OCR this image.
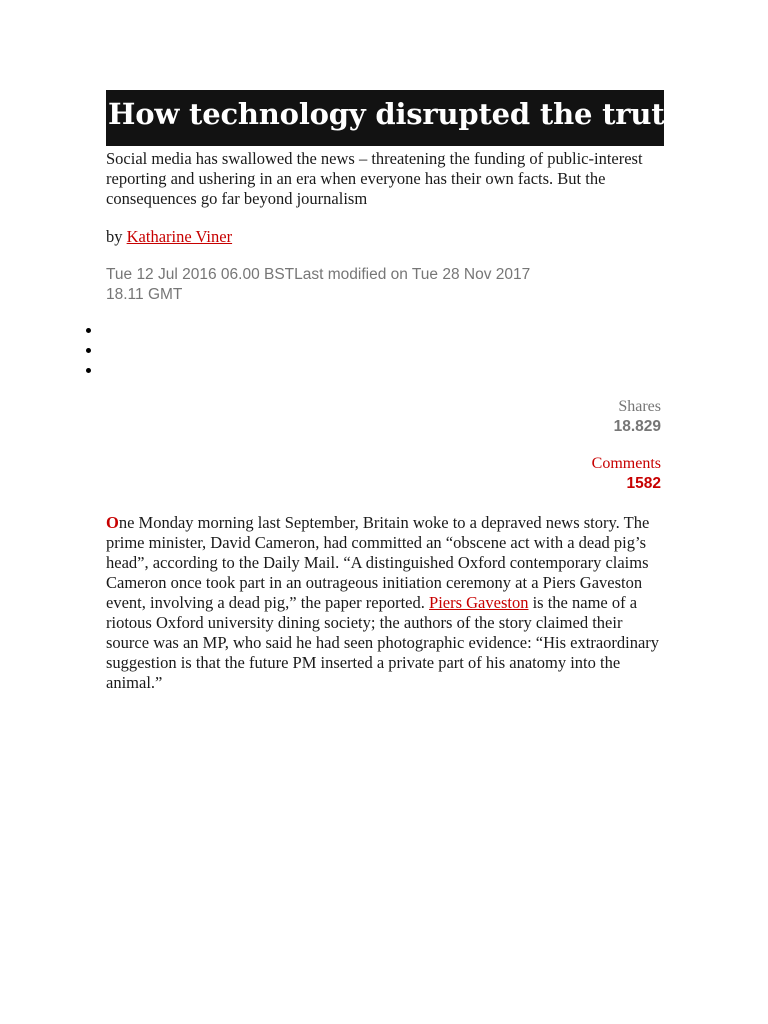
How technology disrupted the truth
Social media has swallowed the news – threatening the funding of public-interest reporting and ushering in an era when everyone has their own facts. But the consequences go far beyond journalism
by Katharine Viner
Tue 12 Jul 2016 06.00 BSTLast modified on Tue 28 Nov 2017 18.11 GMT
Shares
18.829
Comments
1582

One Monday morning last September, Britain woke to a depraved news story. The prime minister, David Cameron, had committed an “obscene act with a dead pig’s head”, according to the Daily Mail. “A distinguished Oxford contemporary claims Cameron once took part in an outrageous initiation ceremony at a Piers Gaveston event, involving a dead pig,” the paper reported. Piers Gaveston is the name of a riotous Oxford university dining society; the authors of the story claimed their source was an MP, who said he had seen photographic evidence: “His extraordinary suggestion is that the future PM inserted a private part of his anatomy into the animal.”
